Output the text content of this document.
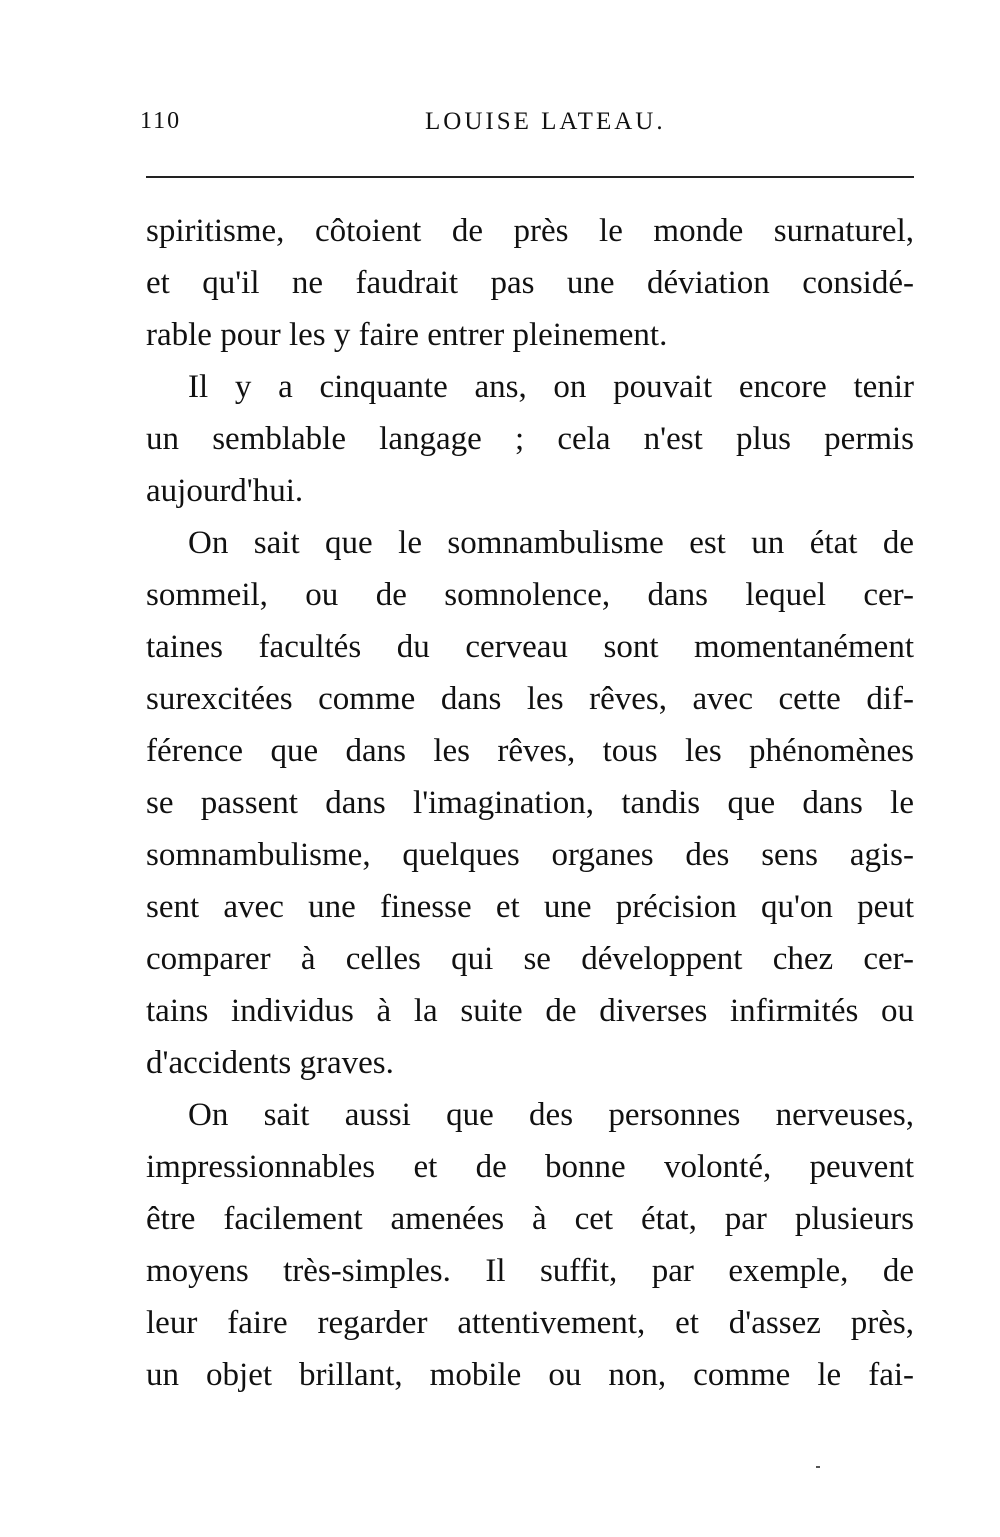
110	LOUISE LATEAU.
spiritisme, côtoient de près le monde surnaturel,
et qu'il ne faudrait pas une déviation considé-
rable pour les y faire entrer pleinement.
Il y a cinquante ans, on pouvait encore tenir
un semblable langage ; cela n'est plus permis
aujourd'hui.
On sait que le somnambulisme est un état de
sommeil, ou de somnolence, dans lequel cer-
taines facultés du cerveau sont momentanément
surexcitées comme dans les rêves, avec cette dif-
férence que dans les rêves, tous les phénomènes
se passent dans l'imagination, tandis que dans le
somnambulisme, quelques organes des sens agis-
sent avec une finesse et une précision qu'on peut
comparer à celles qui se développent chez cer-
tains individus à la suite de diverses infirmités ou
d'accidents graves.
On sait aussi que des personnes nerveuses,
impressionnables et de bonne volonté, peuvent
être facilement amenées à cet état, par plusieurs
moyens très-simples. Il suffit, par exemple, de
leur faire regarder attentivement, et d'assez près,
un objet brillant, mobile ou non, comme le fai-
